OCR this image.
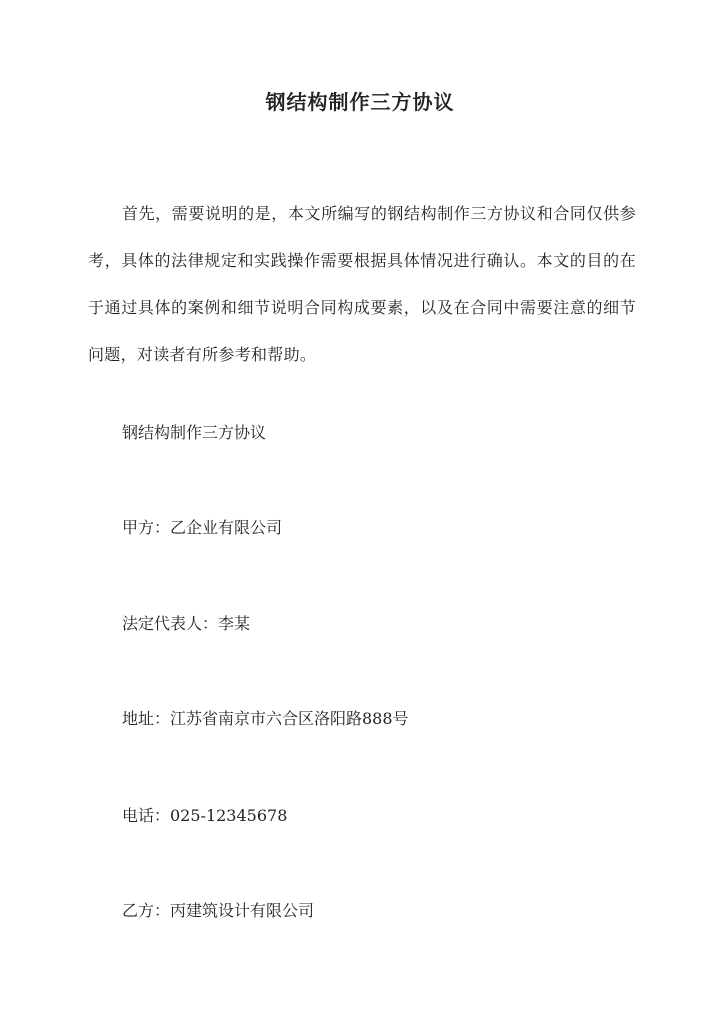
钢结构制作三方协议

首先，需要说明的是，本文所编写的钢结构制作三方协议和合同仅供参考，具体的法律规定和实践操作需要根据具体情况进行确认。本文的目的在于通过具体的案例和细节说明合同构成要素，以及在合同中需要注意的细节问题，对读者有所参考和帮助。

钢结构制作三方协议

甲方：乙企业有限公司

法定代表人：李某

地址：江苏省南京市六合区洛阳路888号

电话：025-12345678

乙方：丙建筑设计有限公司
